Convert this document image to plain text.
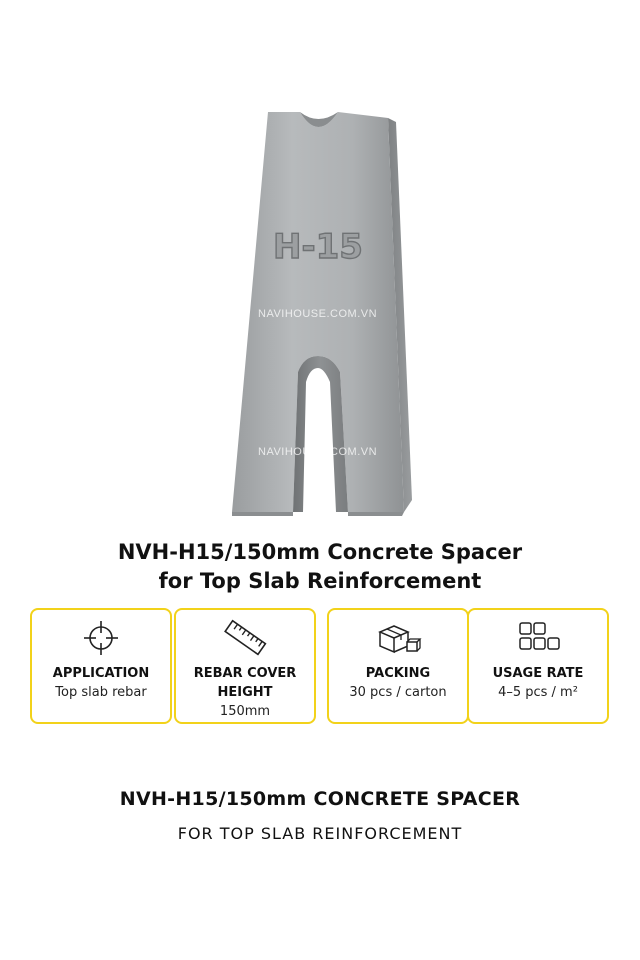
H-15
NAVIHOUSE.COM.VN
NAVIHOUSE.COM.VN
NVH-H15/150mm Concrete Spacer
for Top Slab Reinforcement
APPLICATION
Top slab rebar
REBAR COVER
HEIGHT
150mm
PACKING
30 pcs / carton
USAGE RATE
4–5 pcs / m²
NVH-H15/150mm CONCRETE SPACER
FOR TOP SLAB REINFORCEMENT
